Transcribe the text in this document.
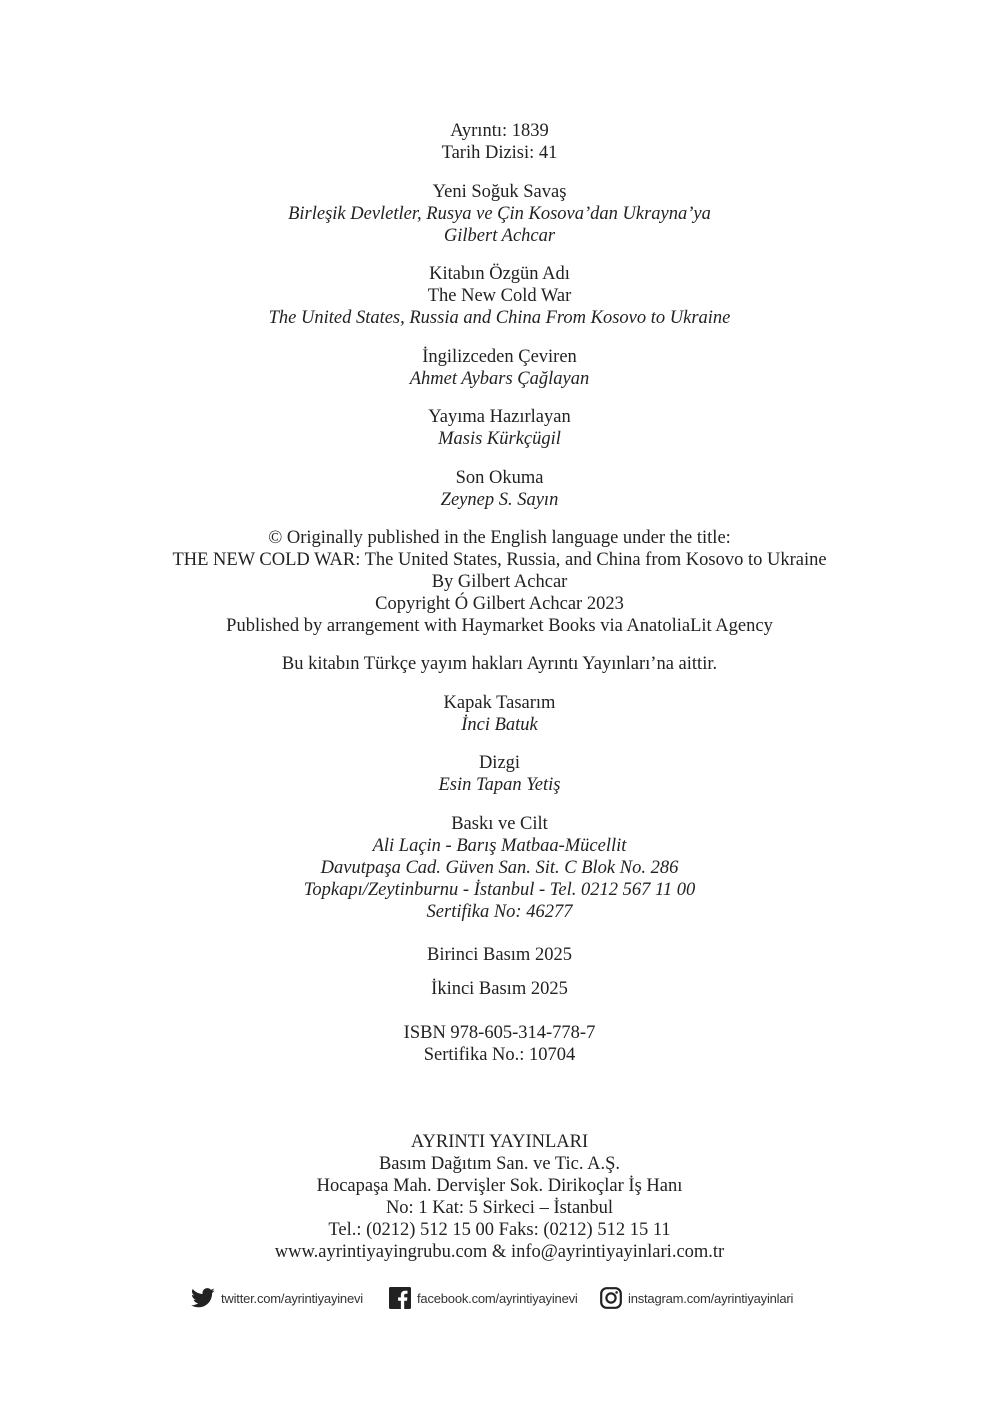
Ayrıntı: 1839
Tarih Dizisi: 41
Yeni Soğuk Savaş
Birleşik Devletler, Rusya ve Çin Kosova’dan Ukrayna’ya
Gilbert Achcar
Kitabın Özgün Adı
The New Cold War
The United States, Russia and China From Kosovo to Ukraine
İngilizceden Çeviren
Ahmet Aybars Çağlayan
Yayıma Hazırlayan
Masis Kürkçügil
Son Okuma
Zeynep S. Sayın
© Originally published in the English language under the title:
THE NEW COLD WAR: The United States, Russia, and China from Kosovo to Ukraine
By Gilbert Achcar
Copyright Ó Gilbert Achcar 2023
Published by arrangement with Haymarket Books via AnatoliaLit Agency
Bu kitabın Türkçe yayım hakları Ayrıntı Yayınları’na aittir.
Kapak Tasarım
İnci Batuk
Dizgi
Esin Tapan Yetiş
Baskı ve Cilt
Ali Laçin - Barış Matbaa-Mücellit
Davutpaşa Cad. Güven San. Sit. C Blok No. 286
Topkapı/Zeytinburnu - İstanbul - Tel. 0212 567 11 00
Sertifika No: 46277
Birinci Basım 2025
İkinci Basım 2025
ISBN 978-605-314-778-7
Sertifika No.: 10704
AYRINTI YAYINLARI
Basım Dağıtım San. ve Tic. A.Ş.
Hocapaşa Mah. Dervişler Sok. Dirikoçlar İş Hanı
No: 1 Kat: 5 Sirkeci – İstanbul
Tel.: (0212) 512 15 00 Faks: (0212) 512 15 11
www.ayrintiyayingrubu.com & info@ayrintiyayinlari.com.tr
twitter.com/ayrintiyayinevi	facebook.com/ayrintiyayinevi	instagram.com/ayrintiyayinlari
